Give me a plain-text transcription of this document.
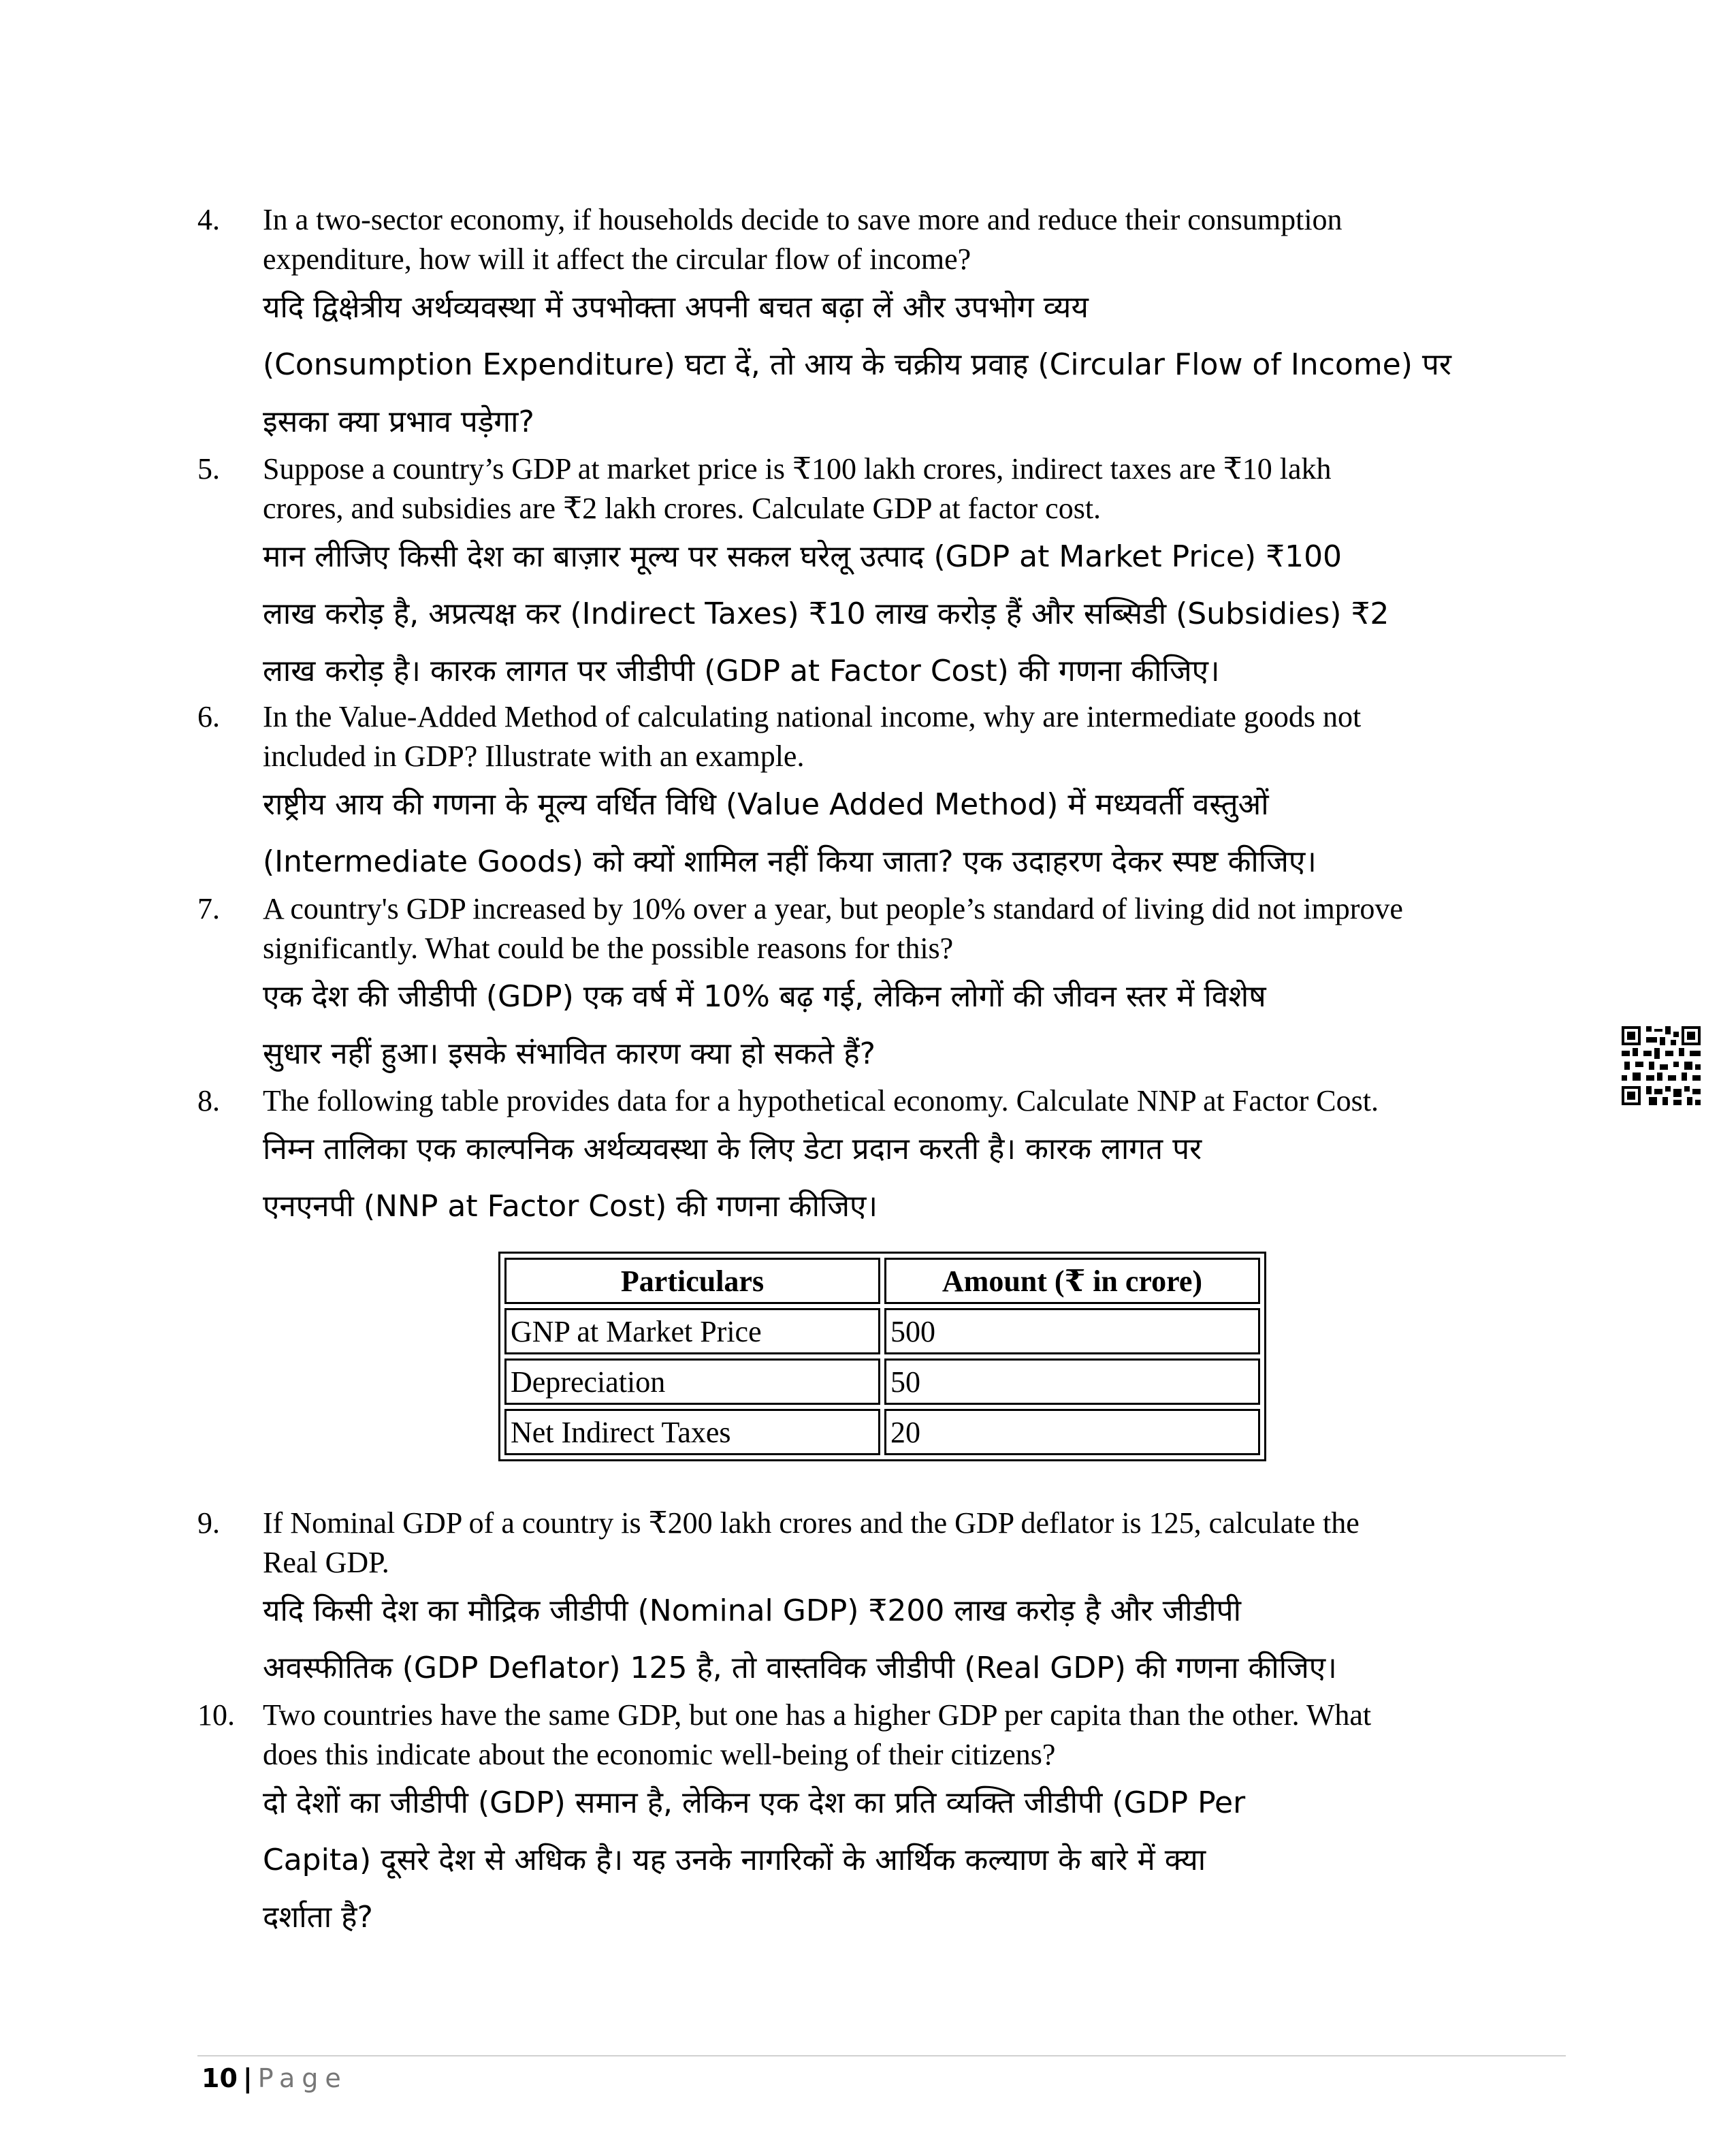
4. In a two-sector economy, if households decide to save more and reduce their consumption

expenditure, how will it affect the circular flow of income?

यदि द्विक्षेत्रीय अर्थव्यवस्था में उपभोक्ता अपनी बचत बढ़ा लें और उपभोग व्यय

(Consumption Expenditure) घटा दें, तो आय के चक्रीय प्रवाह (Circular Flow of Income) पर

इसका क्या प्रभाव पड़ेगा?

5. Suppose a country’s GDP at market price is ₹100 lakh crores, indirect taxes are ₹10 lakh

crores, and subsidies are ₹2 lakh crores. Calculate GDP at factor cost.

मान लीजिए किसी देश का बाज़ार मूल्य पर सकल घरेलू उत्पाद (GDP at Market Price) ₹100

लाख करोड़ है, अप्रत्यक्ष कर (Indirect Taxes) ₹10 लाख करोड़ हैं और सब्सिडी (Subsidies) ₹2

लाख करोड़ है। कारक लागत पर जीडीपी (GDP at Factor Cost) की गणना कीजिए।

6. In the Value-Added Method of calculating national income, why are intermediate goods not

included in GDP? Illustrate with an example.

राष्ट्रीय आय की गणना के मूल्य वर्धित विधि (Value Added Method) में मध्यवर्ती वस्तुओं

(Intermediate Goods) को क्यों शामिल नहीं किया जाता? एक उदाहरण देकर स्पष्ट कीजिए।

7. A country's GDP increased by 10% over a year, but people’s standard of living did not improve

significantly. What could be the possible reasons for this?

एक देश की जीडीपी (GDP) एक वर्ष में 10% बढ़ गई, लेकिन लोगों की जीवन स्तर में विशेष

सुधार नहीं हुआ। इसके संभावित कारण क्या हो सकते हैं?

8. The following table provides data for a hypothetical economy. Calculate NNP at Factor Cost.

निम्न तालिका एक काल्पनिक अर्थव्यवस्था के लिए डेटा प्रदान करती है। कारक लागत पर

एनएनपी (NNP at Factor Cost) की गणना कीजिए।

Particulars	Amount (₹ in crore)
GNP at Market Price	500
Depreciation	50
Net Indirect Taxes	20
9. If Nominal GDP of a country is ₹200 lakh crores and the GDP deflator is 125, calculate the

Real GDP.

यदि किसी देश का मौद्रिक जीडीपी (Nominal GDP) ₹200 लाख करोड़ है और जीडीपी

अवस्फीतिक (GDP Deflator) 125 है, तो वास्तविक जीडीपी (Real GDP) की गणना कीजिए।

10. Two countries have the same GDP, but one has a higher GDP per capita than the other. What

does this indicate about the economic well-being of their citizens?

दो देशों का जीडीपी (GDP) समान है, लेकिन एक देश का प्रति व्यक्ति जीडीपी (GDP Per

Capita) दूसरे देश से अधिक है। यह उनके नागरिकों के आर्थिक कल्याण के बारे में क्या

दर्शाता है?

10 | Page
